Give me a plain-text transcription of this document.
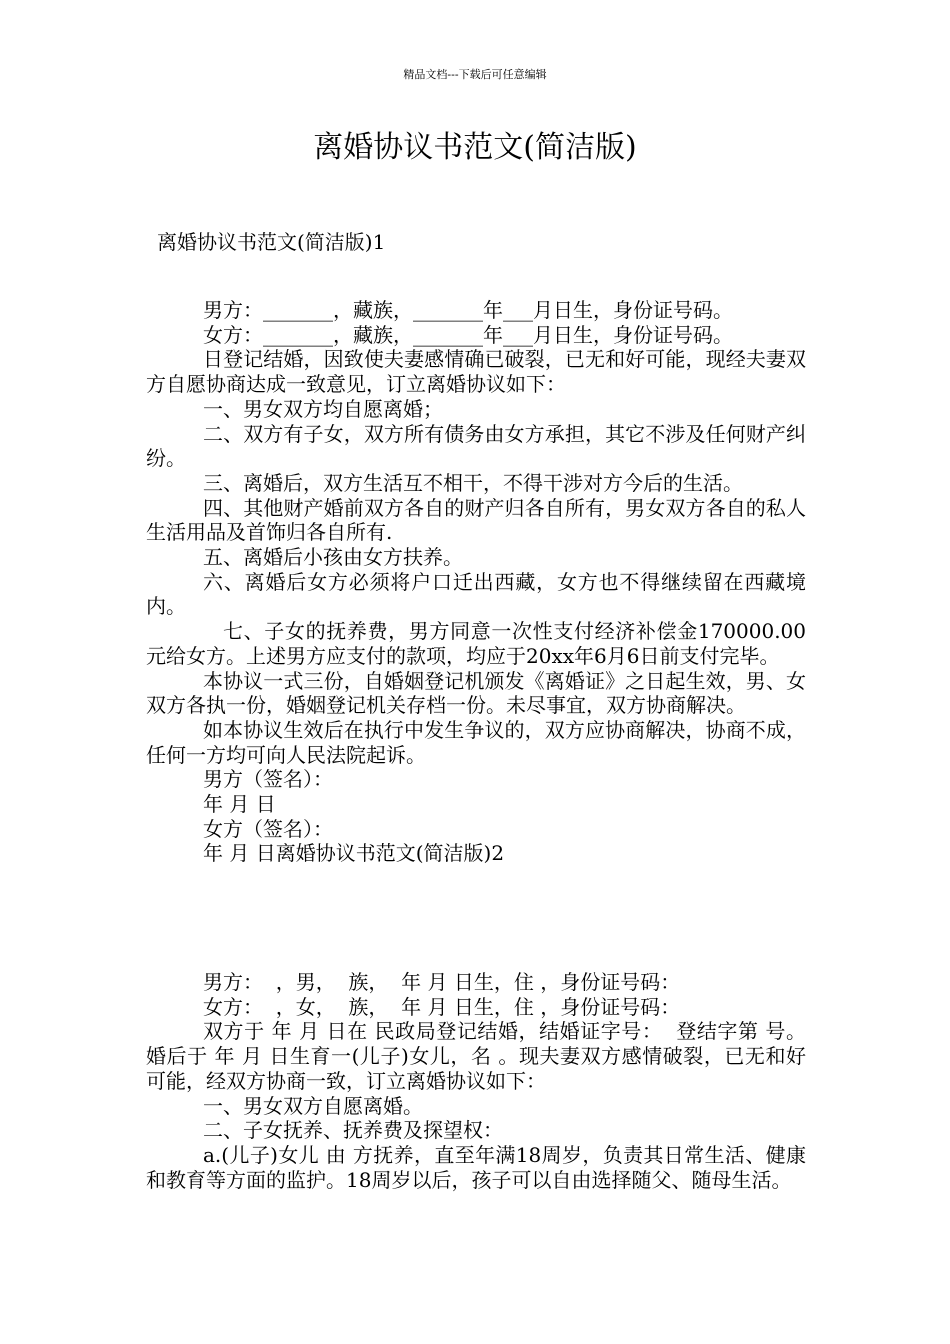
精品文档---下载后可任意编辑
离婚协议书范文(简洁版)
离婚协议书范文(简洁版)1

男方：_______，藏族，_______年___月日生，身份证号码。

女方：_______，藏族，_______年___月日生，身份证号码。

日登记结婚，因致使夫妻感情确已破裂，已无和好可能，现经夫妻双方自愿协商达成一致意见，订立离婚协议如下：

一、男女双方均自愿离婚；

二、双方有子女，双方所有债务由女方承担，其它不涉及任何财产纠纷。

三、离婚后，双方生活互不相干，不得干涉对方今后的生活。

四、其他财产婚前双方各自的财产归各自所有，男女双方各自的私人生活用品及首饰归各自所有.

五、离婚后小孩由女方扶养。

六、离婚后女方必须将户口迁出西藏，女方也不得继续留在西藏境内。

七、子女的抚养费，男方同意一次性支付经济补偿金170000.00元给女方。上述男方应支付的款项，均应于20xx年6月6日前支付完毕。

本协议一式三份，自婚姻登记机颁发《离婚证》之日起生效，男、女双方各执一份，婚姻登记机关存档一份。未尽事宜，双方协商解决。

如本协议生效后在执行中发生争议的，双方应协商解决，协商不成，任何一方均可向人民法院起诉。

男方（签名）：

年 月 日

女方（签名）：

年 月 日离婚协议书范文(简洁版)2

男方：  ，男，  族，  年 月 日生，住 ，身份证号码：

女方：  ，女，  族，  年 月 日生，住 ，身份证号码：

双方于 年 月 日在 民政局登记结婚，结婚证字号：  登结字第 号。婚后于 年 月 日生育一(儿子)女儿，名 。现夫妻双方感情破裂，已无和好可能，经双方协商一致，订立离婚协议如下：

一、男女双方自愿离婚。

二、子女抚养、抚养费及探望权：

a.(儿子)女儿 由 方抚养，直至年满18周岁，负责其日常生活、健康和教育等方面的监护。18周岁以后，孩子可以自由选择随父、随母生活。
